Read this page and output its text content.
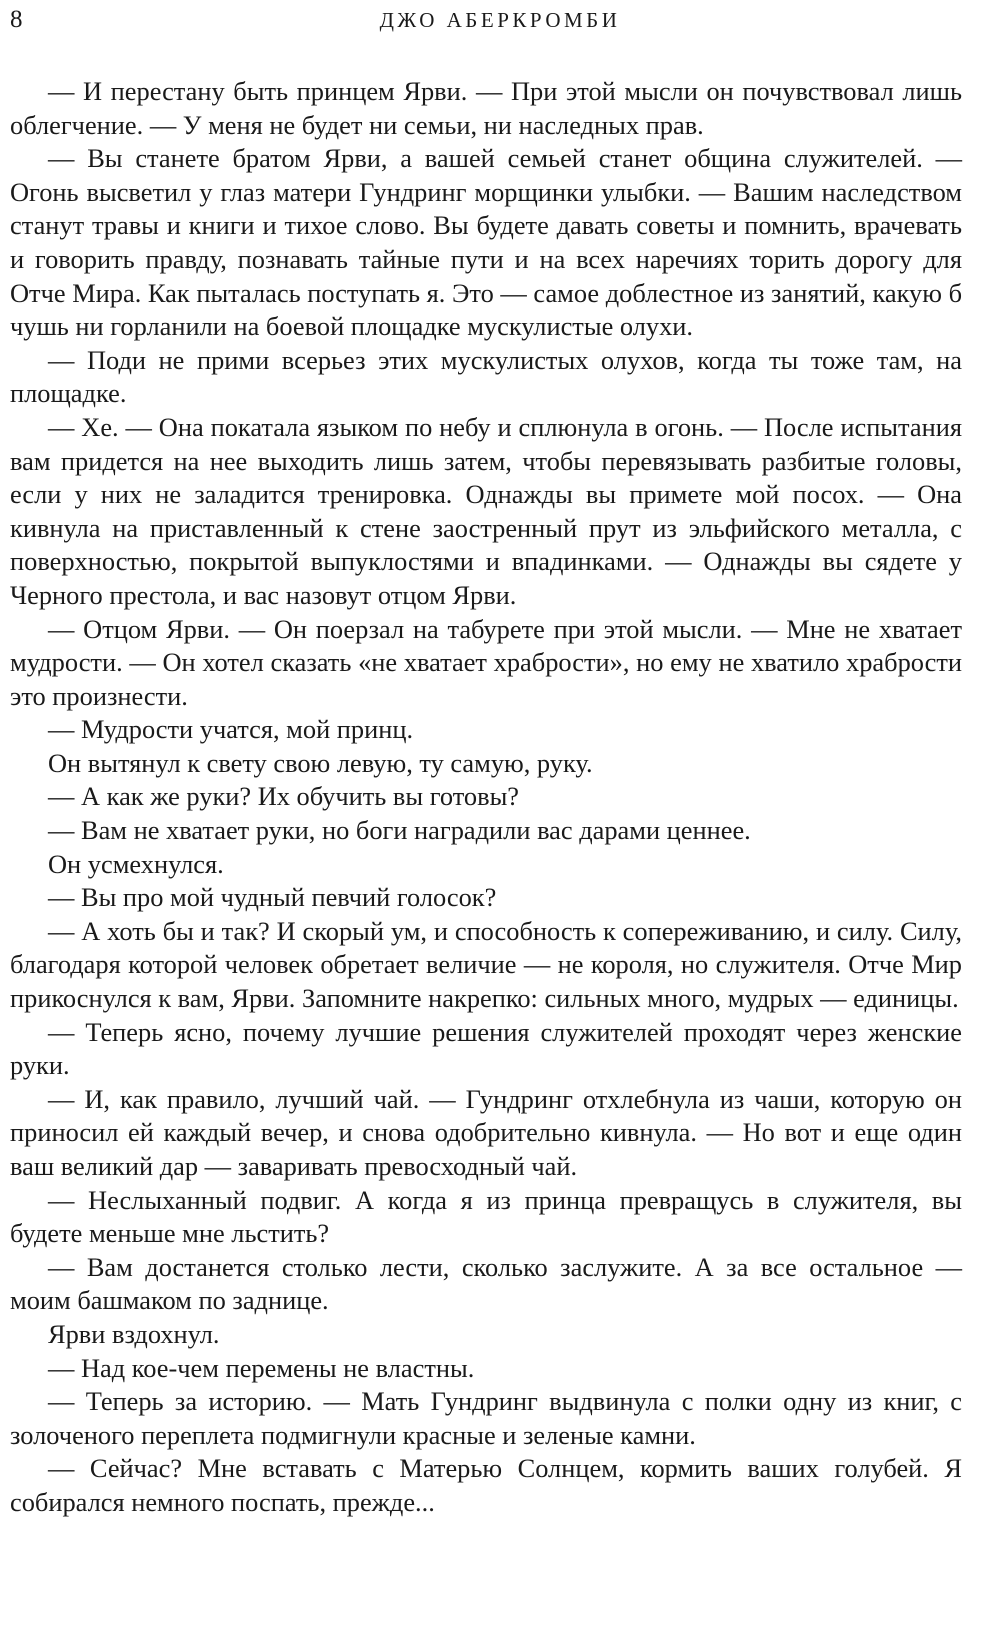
8	ДЖО АБЕРКРОМБИ

— И перестану быть принцем Ярви. — При этой мысли он почувствовал лишь облегчение. — У меня не будет ни семьи, ни наследных прав.

— Вы станете братом Ярви, а вашей семьей станет община служителей. — Огонь высветил у глаз матери Гундринг морщинки улыбки. — Вашим наследством станут травы и книги и тихое слово. Вы будете давать советы и помнить, врачевать и говорить правду, познавать тайные пути и на всех наречиях торить дорогу для Отче Мира. Как пыталась поступать я. Это — самое доблестное из занятий, какую б чушь ни горланили на боевой площадке мускулистые олухи.

— Поди не прими всерьез этих мускулистых олухов, когда ты тоже там, на площадке.

— Хе. — Она покатала языком по небу и сплюнула в огонь. — После испытания вам придется на нее выходить лишь затем, чтобы перевязывать разбитые головы, если у них не заладится тренировка. Однажды вы примете мой посох. — Она кивнула на приставленный к стене заостренный прут из эльфийского металла, с поверхностью, покрытой выпуклостями и впадинками. — Однажды вы сядете у Черного престола, и вас назовут отцом Ярви.

— Отцом Ярви. — Он поерзал на табурете при этой мысли. — Мне не хватает мудрости. — Он хотел сказать «не хватает храбрости», но ему не хватило храбрости это произнести.

— Мудрости учатся, мой принц.

Он вытянул к свету свою левую, ту самую, руку.

— А как же руки? Их обучить вы готовы?

— Вам не хватает руки, но боги наградили вас дарами ценнее.

Он усмехнулся.

— Вы про мой чудный певчий голосок?

— А хоть бы и так? И скорый ум, и способность к сопереживанию, и силу. Силу, благодаря которой человек обретает величие — не короля, но служителя. Отче Мир прикоснулся к вам, Ярви. Запомните накрепко: сильных много, мудрых — единицы.

— Теперь ясно, почему лучшие решения служителей проходят через женские руки.

— И, как правило, лучший чай. — Гундринг отхлебнула из чаши, которую он приносил ей каждый вечер, и снова одобрительно кивнула. — Но вот и еще один ваш великий дар — заваривать превосходный чай.

— Неслыханный подвиг. А когда я из принца превращусь в служителя, вы будете меньше мне льстить?

— Вам достанется столько лести, сколько заслужите. А за все остальное — моим башмаком по заднице.

Ярви вздохнул.

— Над кое-чем перемены не властны.

— Теперь за историю. — Мать Гундринг выдвинула с полки одну из книг, с золоченого переплета подмигнули красные и зеленые камни.

— Сейчас? Мне вставать с Матерью Солнцем, кормить ваших голубей. Я собирался немного поспать, прежде...
